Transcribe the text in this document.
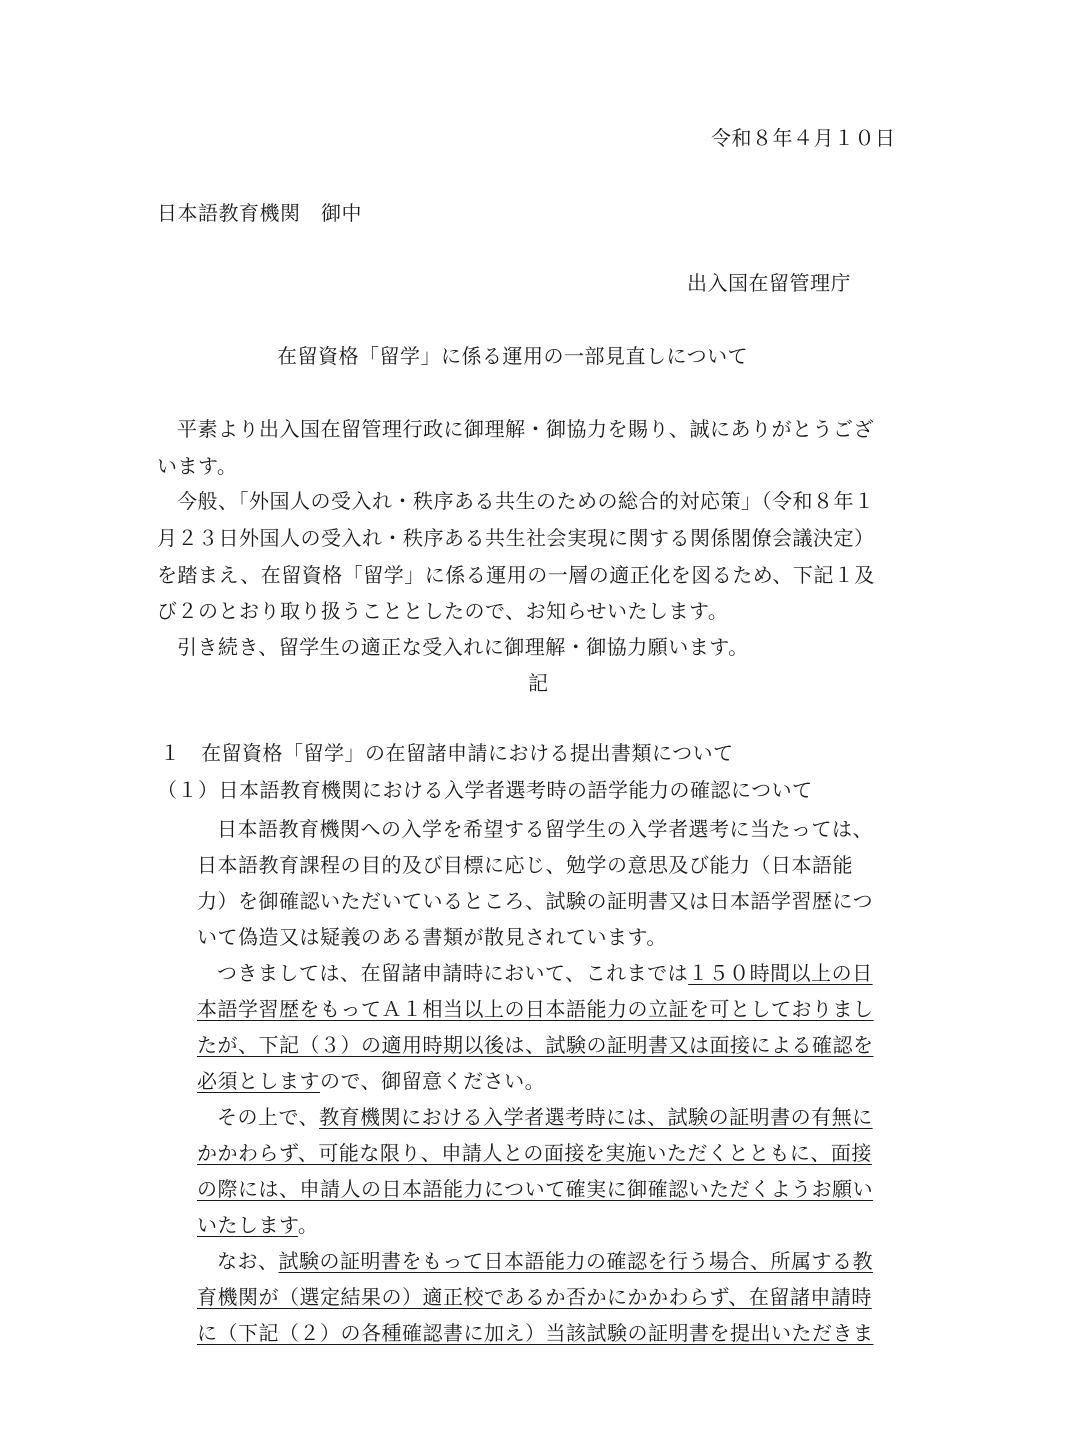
令和８年４月１０日
日本語教育機関　御中
出入国在留管理庁
在留資格「留学」に係る運用の一部見直しについて
平素より出入国在留管理行政に御理解・御協力を賜り、誠にありがとうござ
います。
今般、「外国人の受入れ・秩序ある共生のための総合的対応策」（令和８年１
月２３日外国人の受入れ・秩序ある共生社会実現に関する関係閣僚会議決定）
を踏まえ、在留資格「留学」に係る運用の一層の適正化を図るため、下記１及
び２のとおり取り扱うこととしたので、お知らせいたします。
引き続き、留学生の適正な受入れに御理解・御協力願います。
記
１　在留資格「留学」の在留諸申請における提出書類について
（１）日本語教育機関における入学者選考時の語学能力の確認について
日本語教育機関への入学を希望する留学生の入学者選考に当たっては、
日本語教育課程の目的及び目標に応じ、勉学の意思及び能力（日本語能
力）を御確認いただいているところ、試験の証明書又は日本語学習歴につ
いて偽造又は疑義のある書類が散見されています。
つきましては、在留諸申請時において、これまでは１５０時間以上の日
本語学習歴をもってＡ１相当以上の日本語能力の立証を可としておりまし
たが、下記（３）の適用時期以後は、試験の証明書又は面接による確認を
必須としますので、御留意ください。
その上で、教育機関における入学者選考時には、試験の証明書の有無に
かかわらず、可能な限り、申請人との面接を実施いただくとともに、面接
の際には、申請人の日本語能力について確実に御確認いただくようお願い
いたします。
なお、試験の証明書をもって日本語能力の確認を行う場合、所属する教
育機関が（選定結果の）適正校であるか否かにかかわらず、在留諸申請時
に（下記（２）の各種確認書に加え）当該試験の証明書を提出いただきま
